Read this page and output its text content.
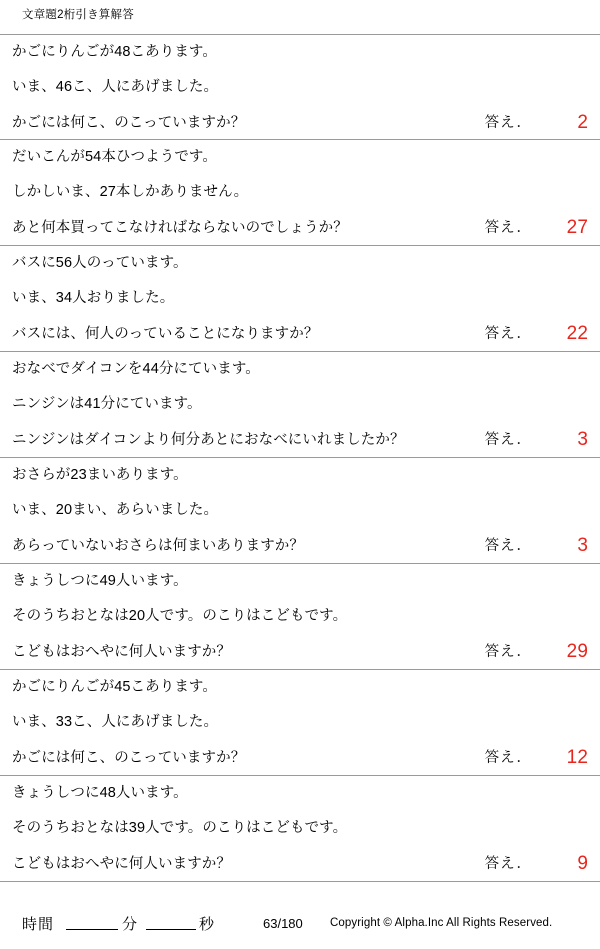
文章題2桁引き算解答
かごにりんごが48こあります。
いま、46こ、人にあげました。
かごには何こ、のこっていますか？	答え．	2
だいこんが54本ひつようです。
しかしいま、27本しかありません。
あと何本買ってこなければならないのでしょうか？	答え．	27
バスに56人のっています。
いま、34人おりました。
バスには、何人のっていることになりますか？	答え．	22
おなべでダイコンを44分にています。
ニンジンは41分にています。
ニンジンはダイコンより何分あとにおなべにいれましたか？	答え．	3
おさらが23まいあります。
いま、20まい、あらいました。
あらっていないおさらは何まいありますか？	答え．	3
きょうしつに49人います。
そのうちおとなは20人です。のこりはこどもです。
こどもはおへやに何人いますか？	答え．	29
かごにりんごが45こあります。
いま、33こ、人にあげました。
かごには何こ、のこっていますか？	答え．	12
きょうしつに48人います。
そのうちおとなは39人です。のこりはこどもです。
こどもはおへやに何人いますか？	答え．	9
時間	分	秒	63/180 Copyright © Alpha.Inc All Rights Reserved.
